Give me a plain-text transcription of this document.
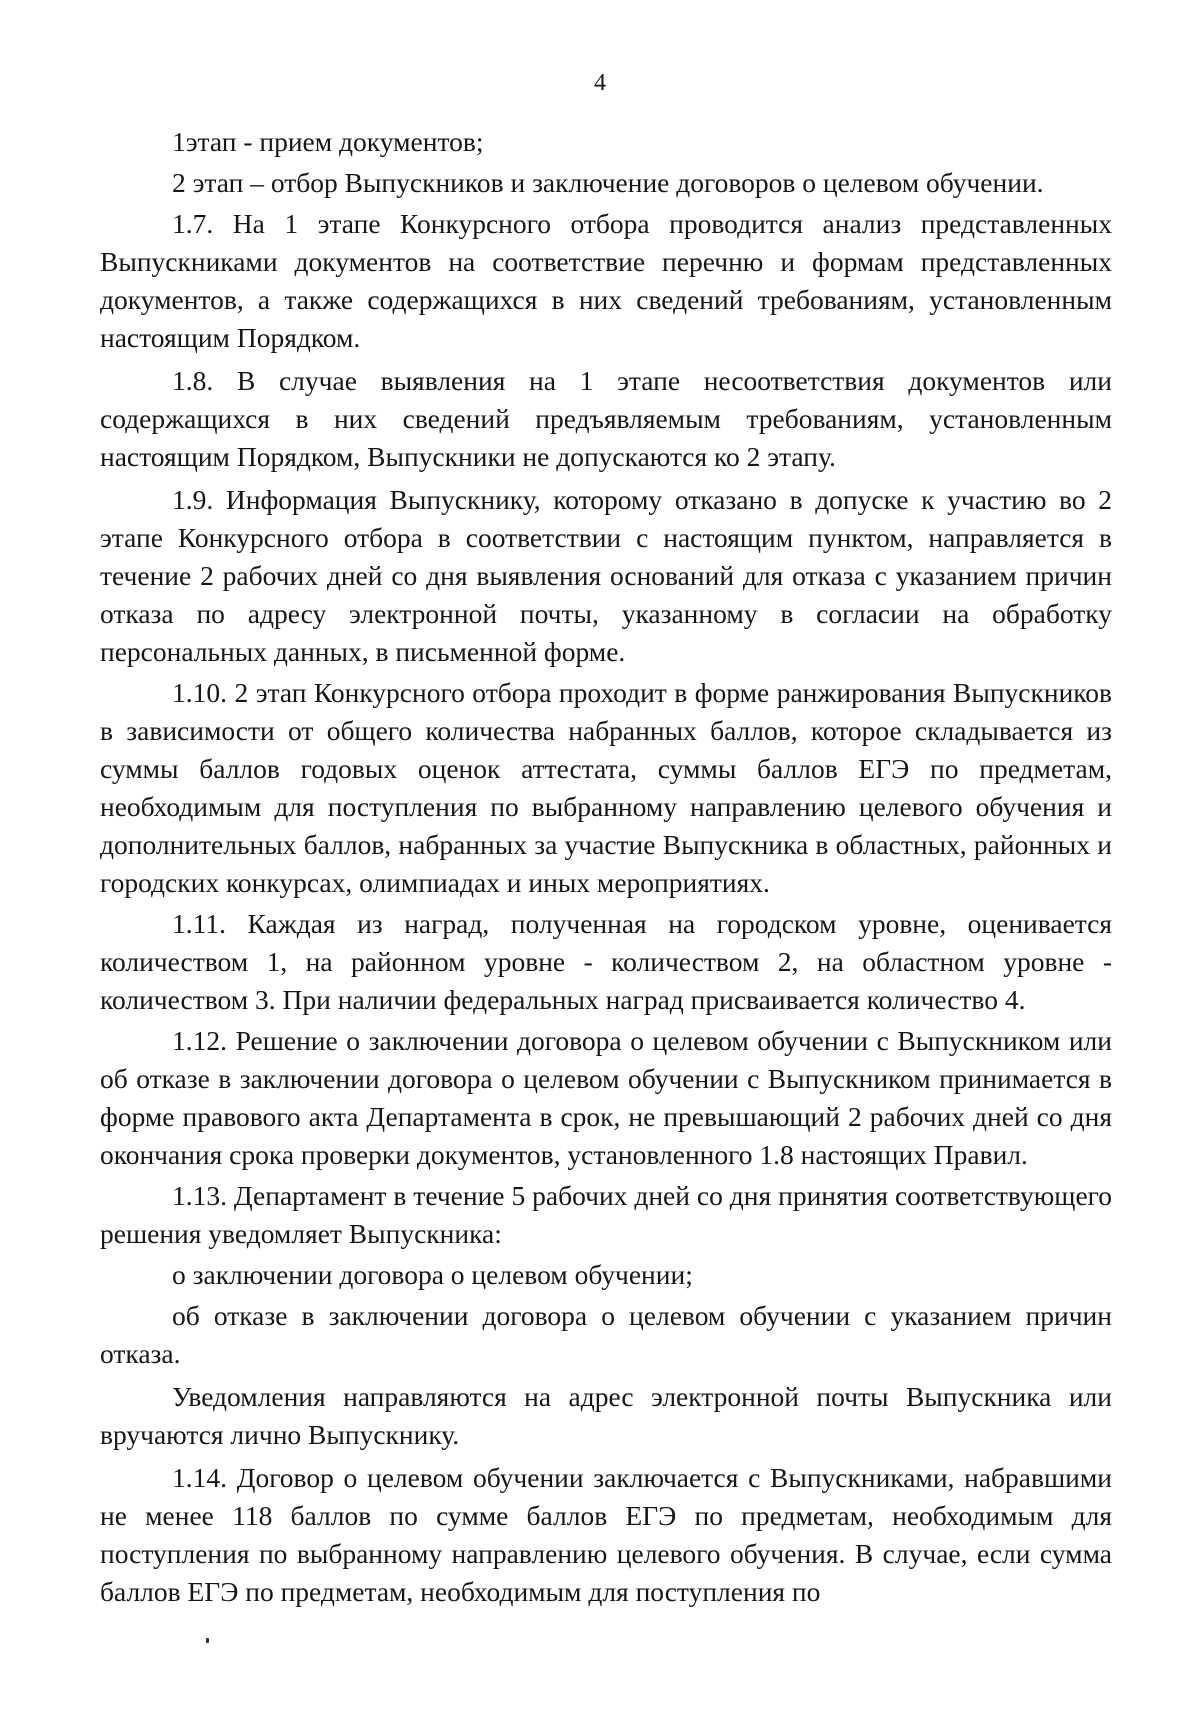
4

1этап - прием документов;

2 этап – отбор Выпускников и заключение договоров о целевом обучении.

1.7. На 1 этапе Конкурсного отбора проводится анализ представленных Выпускниками документов на соответствие перечню и формам представленных документов, а также содержащихся в них сведений требованиям, установленным настоящим Порядком.

1.8. В случае выявления на 1 этапе несоответствия документов или содержащихся в них сведений предъявляемым требованиям, установленным настоящим Порядком, Выпускники не допускаются ко 2 этапу.

1.9. Информация Выпускнику, которому отказано в допуске к участию во 2 этапе Конкурсного отбора в соответствии с настоящим пунктом, направляется в течение 2 рабочих дней со дня выявления оснований для отказа с указанием причин отказа по адресу электронной почты, указанному в согласии на обработку персональных данных, в письменной форме.

1.10. 2 этап Конкурсного отбора проходит в форме ранжирования Выпускников в зависимости от общего количества набранных баллов, которое складывается из суммы баллов годовых оценок аттестата, суммы баллов ЕГЭ по предметам, необходимым для поступления по выбранному направлению целевого обучения и дополнительных баллов, набранных за участие Выпускника в областных, районных и городских конкурсах, олимпиадах и иных мероприятиях.

1.11. Каждая из наград, полученная на городском уровне, оценивается количеством 1, на районном уровне - количеством 2, на областном уровне - количеством 3. При наличии федеральных наград присваивается количество 4.

1.12. Решение о заключении договора о целевом обучении с Выпускником или об отказе в заключении договора о целевом обучении с Выпускником принимается в форме правового акта Департамента в срок, не превышающий 2 рабочих дней со дня окончания срока проверки документов, установленного 1.8 настоящих Правил.

1.13. Департамент в течение 5 рабочих дней со дня принятия соответствующего решения уведомляет Выпускника:

о заключении договора о целевом обучении;

об отказе в заключении договора о целевом обучении с указанием причин отказа.

Уведомления направляются на адрес электронной почты Выпускника или вручаются лично Выпускнику.

1.14. Договор о целевом обучении заключается с Выпускниками, набравшими не менее 118 баллов по сумме баллов ЕГЭ по предметам, необходимым для поступления по выбранному направлению целевого обучения. В случае, если сумма баллов ЕГЭ по предметам, необходимым для поступления по
